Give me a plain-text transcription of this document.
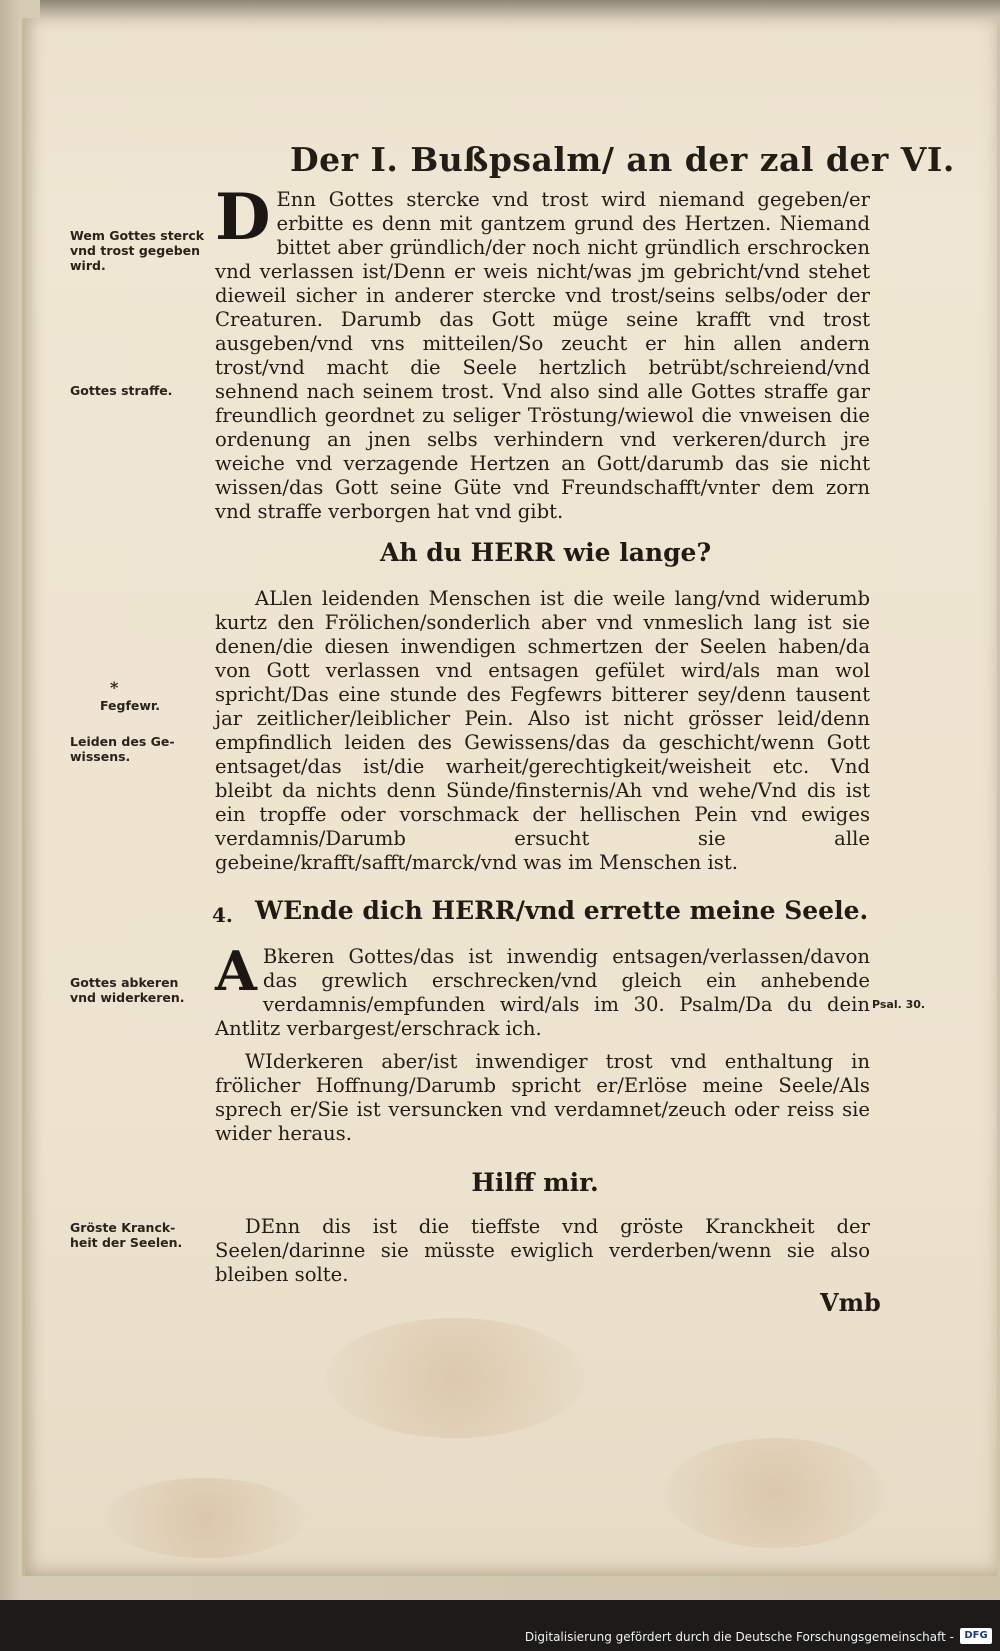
Der I. Bußpsalm/ an der zal der VI.
Wem Gottes sterck vnd trost gegeben wird.
Gottes straffe.
*
Fegfewr.
Leiden des Ge-wissens.
Gottes abkeren vnd widerkeren.	Psal. 30.
Gröste Kranck-heit der Seelen.
D Enn Gottes stercke vnd trost wird niemand gegeben/er erbitte es denn mit gantzem grund des Hertzen. Niemand bittet aber gründlich/der noch nicht gründlich erschrocken vnd verlassen ist/Denn er weis nicht/was jm gebricht/vnd stehet dieweil sicher in anderer stercke vnd trost/seins selbs/oder der Creaturen. Darumb das Gott müge seine krafft vnd trost ausgeben/vnd vns mitteilen/So zeucht er hin allen andern trost/vnd macht die Seele hertzlich betrübt/schreiend/vnd sehnend nach seinem trost. Vnd also sind alle Gottes straffe gar freundlich geordnet zu seliger Tröstung/wiewol die vnweisen die ordenung an jnen selbs verhindern vnd verkeren/durch jre weiche vnd verzagende Hertzen an Gott/darumb das sie nicht wissen/das Gott seine Güte vnd Freundschafft/vnter dem zorn vnd straffe verborgen hat vnd gibt.
Ah du HERR wie lange?
ALlen leidenden Menschen ist die weile lang/vnd widerumb kurtz den Frölichen/sonderlich aber vnd vnmeslich lang ist sie denen/die diesen inwendigen schmertzen der Seelen haben/da von Gott verlassen vnd entsagen gefület wird/als man wol spricht/Das eine stunde des Fegfewrs bitterer sey/denn tausent jar zeitlicher/leiblicher Pein. Also ist nicht grösser leid/denn empfindlich leiden des Gewissens/das da geschicht/wenn Gott entsaget/das ist/die warheit/gerechtigkeit/weisheit etc. Vnd bleibt da nichts denn Sünde/finsternis/Ah vnd wehe/Vnd dis ist ein tropffe oder vorschmack der hellischen Pein vnd ewiges verdamnis/Darumb ersucht sie alle gebeine/krafft/safft/marck/vnd was im Menschen ist.
4. WEnde dich HERR/vnd errette meine Seele.
A Bkeren Gottes/das ist inwendig entsagen/verlassen/davon das grewlich erschrecken/vnd gleich ein anhebende verdamnis/empfunden wird/als im 30. Psalm/Da du dein Antlitz verbargest/erschrack ich.
WIderkeren aber/ist inwendiger trost vnd enthaltung in frölicher Hoffnung/Darumb spricht er/Erlöse meine Seele/Als sprech er/Sie ist versuncken vnd verdamnet/zeuch oder reiss sie wider heraus.
Hilff mir.
DEnn dis ist die tieffste vnd gröste Kranckheit der Seelen/darinne sie müsste ewiglich verderben/wenn sie also bleiben solte.
Vmb
Digitalisierung gefördert durch die Deutsche Forschungsgemeinschaft -	DFG
